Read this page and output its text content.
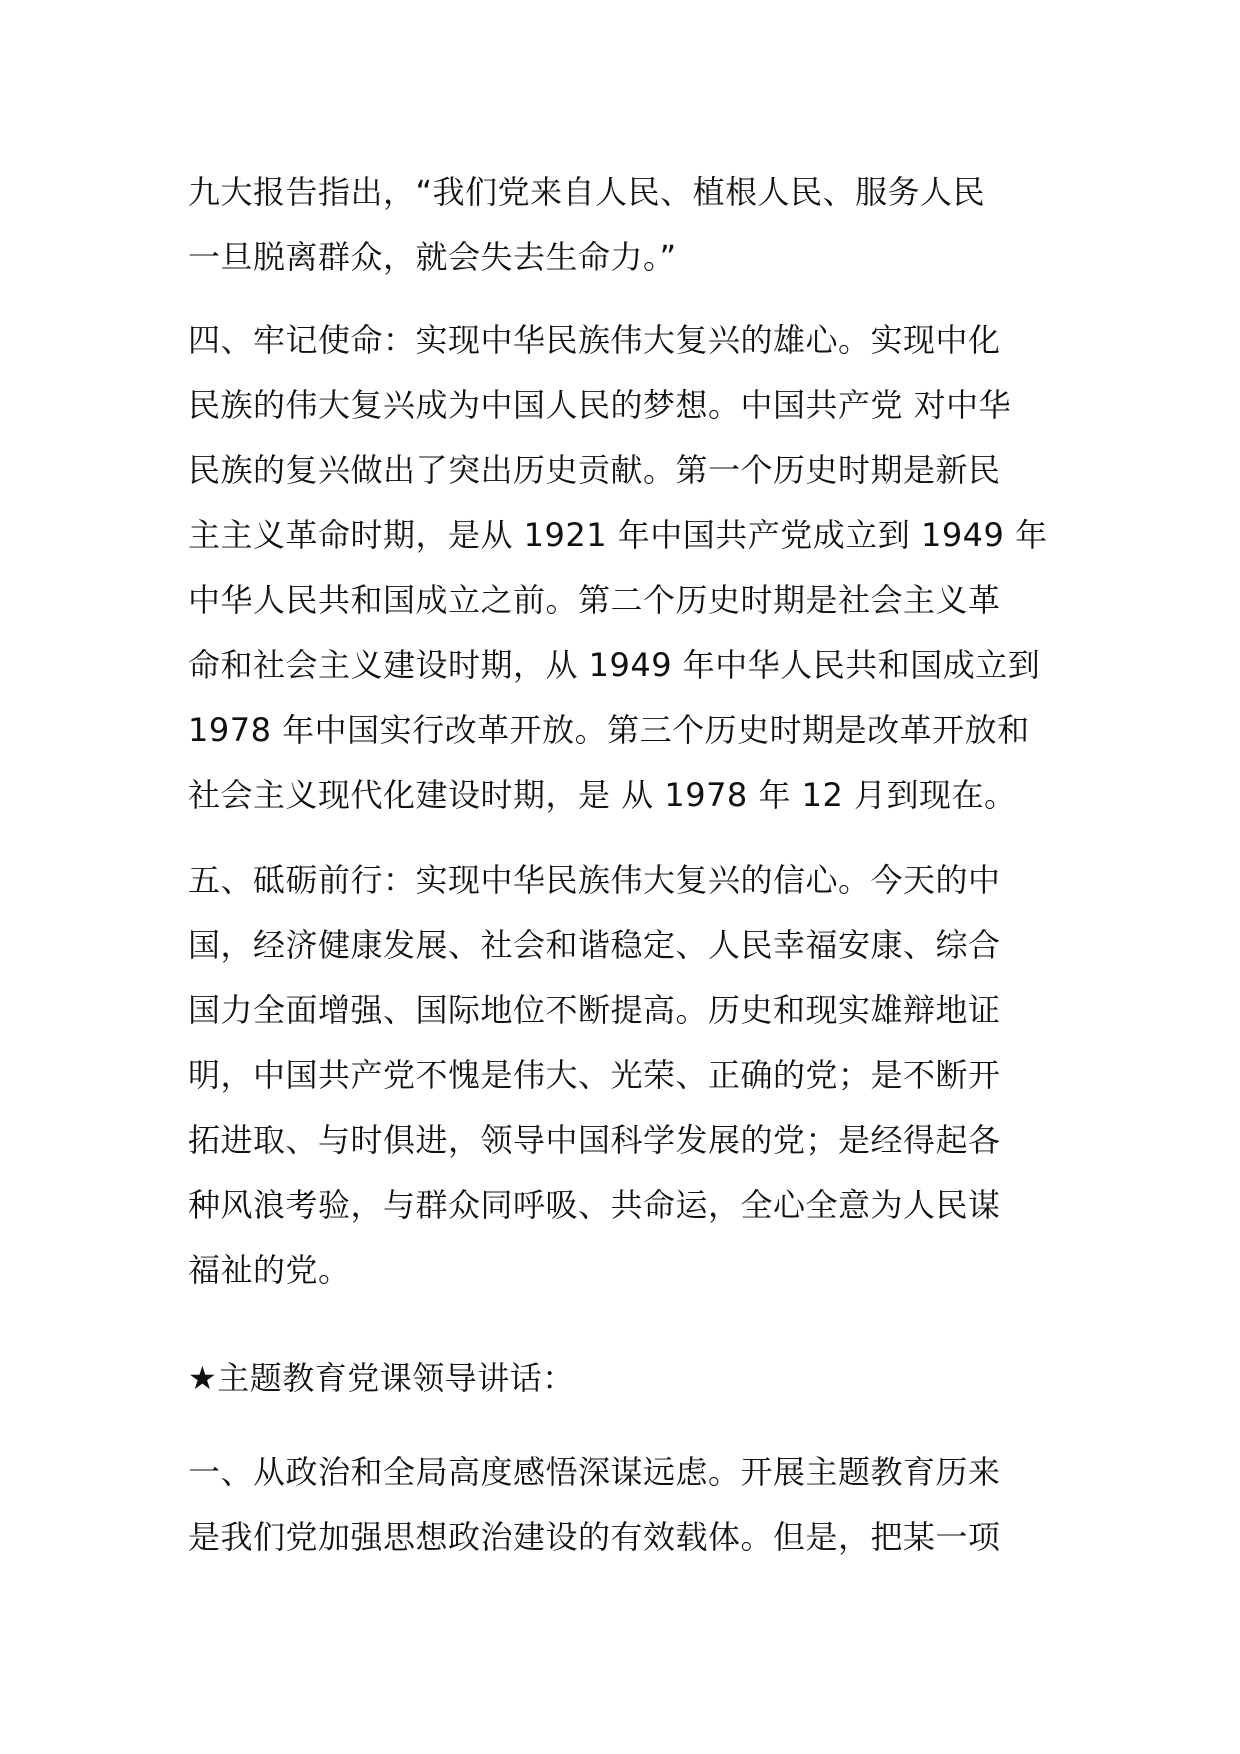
九大报告指出，“我们党来自人民、植根人民、服务人民
一旦脱离群众，就会失去生命力。”
四、牢记使命：实现中华民族伟大复兴的雄心。实现中化
民族的伟大复兴成为中国人民的梦想。中国共产党 对中华
民族的复兴做出了突出历史贡献。第一个历史时期是新民
主主义革命时期，是从 1921 年中国共产党成立到 1949 年
中华人民共和国成立之前。第二个历史时期是社会主义革
命和社会主义建设时期，从 1949 年中华人民共和国成立到
1978 年中国实行改革开放。第三个历史时期是改革开放和
社会主义现代化建设时期，是 从 1978 年 12 月到现在。
五、砥砺前行：实现中华民族伟大复兴的信心。今天的中
国，经济健康发展、社会和谐稳定、人民幸福安康、综合
国力全面增强、国际地位不断提高。历史和现实雄辩地证
明，中国共产党不愧是伟大、光荣、正确的党；是不断开
拓进取、与时俱进，领导中国科学发展的党；是经得起各
种风浪考验，与群众同呼吸、共命运，全心全意为人民谋
福祉的党。
★主题教育党课领导讲话：
一、从政治和全局高度感悟深谋远虑。开展主题教育历来
是我们党加强思想政治建设的有效载体。但是，把某一项
